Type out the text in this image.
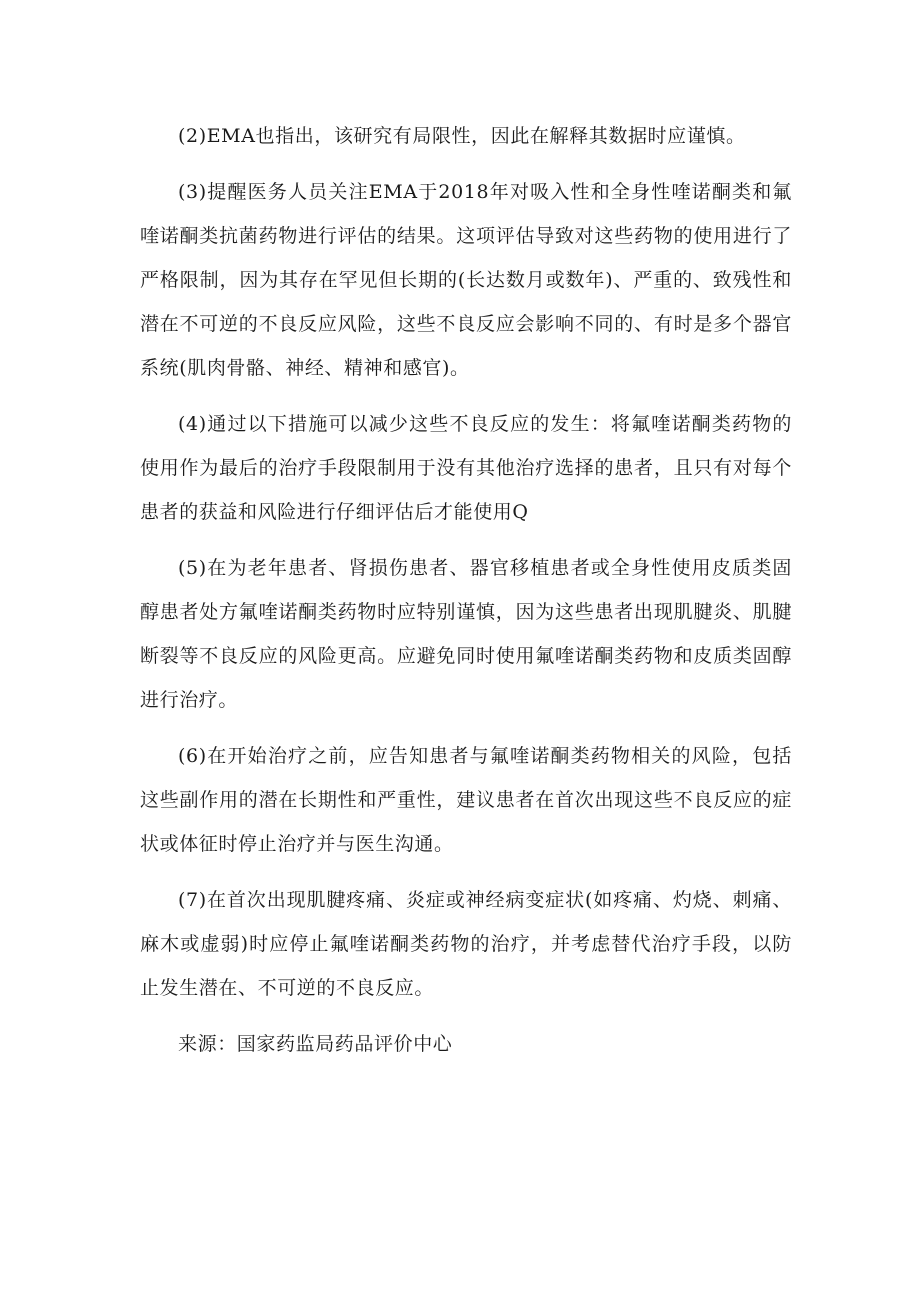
(2)EMA也指出，该研究有局限性，因此在解释其数据时应谨慎。

(3)提醒医务人员关注EMA于2018年对吸入性和全身性喹诺酮类和氟喹诺酮类抗菌药物进行评估的结果。这项评估导致对这些药物的使用进行了严格限制，因为其存在罕见但长期的(长达数月或数年)、严重的、致残性和潜在不可逆的不良反应风险，这些不良反应会影响不同的、有时是多个器官系统(肌肉骨骼、神经、精神和感官)。

(4)通过以下措施可以减少这些不良反应的发生：将氟喹诺酮类药物的使用作为最后的治疗手段限制用于没有其他治疗选择的患者，且只有对每个患者的获益和风险进行仔细评估后才能使用Q

(5)在为老年患者、肾损伤患者、器官移植患者或全身性使用皮质类固醇患者处方氟喹诺酮类药物时应特别谨慎，因为这些患者出现肌腱炎、肌腱断裂等不良反应的风险更高。应避免同时使用氟喹诺酮类药物和皮质类固醇进行治疗。

(6)在开始治疗之前，应告知患者与氟喹诺酮类药物相关的风险，包括这些副作用的潜在长期性和严重性，建议患者在首次出现这些不良反应的症状或体征时停止治疗并与医生沟通。

(7)在首次出现肌腱疼痛、炎症或神经病变症状(如疼痛、灼烧、刺痛、麻木或虚弱)时应停止氟喹诺酮类药物的治疗，并考虑替代治疗手段，以防止发生潜在、不可逆的不良反应。

来源：国家药监局药品评价中心
